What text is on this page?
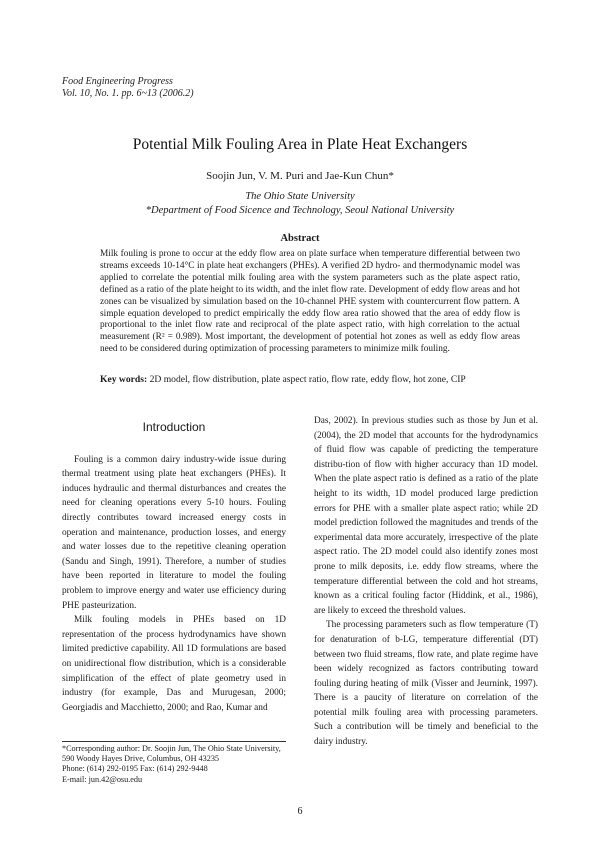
Food Engineering Progress
Vol. 10, No. 1. pp. 6~13 (2006.2)
Potential Milk Fouling Area in Plate Heat Exchangers
Soojin Jun, V. M. Puri and Jae-Kun Chun*
The Ohio State University
*Department of Food Sicence and Technology, Seoul National University
Abstract
Milk fouling is prone to occur at the eddy flow area on plate surface when temperature differential between two streams exceeds 10-14°C in plate heat exchangers (PHEs). A verified 2D hydro- and thermodynamic model was applied to correlate the potential milk fouling area with the system parameters such as the plate aspect ratio, defined as a ratio of the plate height to its width, and the inlet flow rate. Development of eddy flow areas and hot zones can be visualized by simulation based on the 10-channel PHE system with countercurrent flow pattern. A simple equation developed to predict empirically the eddy flow area ratio showed that the area of eddy flow is proportional to the inlet flow rate and reciprocal of the plate aspect ratio, with high correlation to the actual measurement (R² = 0.989). Most important, the development of potential hot zones as well as eddy flow areas need to be considered during optimization of processing parameters to minimize milk fouling.
Key words: 2D model, flow distribution, plate aspect ratio, flow rate, eddy flow, hot zone, CIP
Introduction

Fouling is a common dairy industry-wide issue during thermal treatment using plate heat exchangers (PHEs). It induces hydraulic and thermal disturbances and creates the need for cleaning operations every 5-10 hours. Fouling directly contributes toward increased energy costs in operation and maintenance, production losses, and energy and water losses due to the repetitive cleaning operation (Sandu and Singh, 1991). Therefore, a number of studies have been reported in literature to model the fouling problem to improve energy and water use efficiency during PHE pasteurization.

Milk fouling models in PHEs based on 1D representation of the process hydrodynamics have shown limited predictive capability. All 1D formulations are based on unidirectional flow distribution, which is a considerable simplification of the effect of plate geometry used in industry (for example, Das and Murugesan, 2000; Georgiadis and Macchietto, 2000; and Rao, Kumar and

Das, 2002). In previous studies such as those by Jun et al. (2004), the 2D model that accounts for the hydrodynamics of fluid flow was capable of predicting the temperature distribu-tion of flow with higher accuracy than 1D model. When the plate aspect ratio is defined as a ratio of the plate height to its width, 1D model produced large prediction errors for PHE with a smaller plate aspect ratio; while 2D model prediction followed the magnitudes and trends of the experimental data more accurately, irrespective of the plate aspect ratio. The 2D model could also identify zones most prone to milk deposits, i.e. eddy flow streams, where the temperature differential between the cold and hot streams, known as a critical fouling factor (Hiddink, et al., 1986), are likely to exceed the threshold values.

The processing parameters such as flow temperature (T) for denaturation of b-LG, temperature differential (DT) between two fluid streams, flow rate, and plate regime have been widely recognized as factors contributing toward fouling during heating of milk (Visser and Jeurnink, 1997). There is a paucity of literature on correlation of the potential milk fouling area with processing parameters. Such a contribution will be timely and beneficial to the dairy industry.

*Corresponding author: Dr. Soojin Jun, The Ohio State University, 590 Woody Hayes Drive, Columbus, OH 43235
Phone: (614) 292-0195 Fax: (614) 292-9448
E-mail: jun.42@osu.edu
6
